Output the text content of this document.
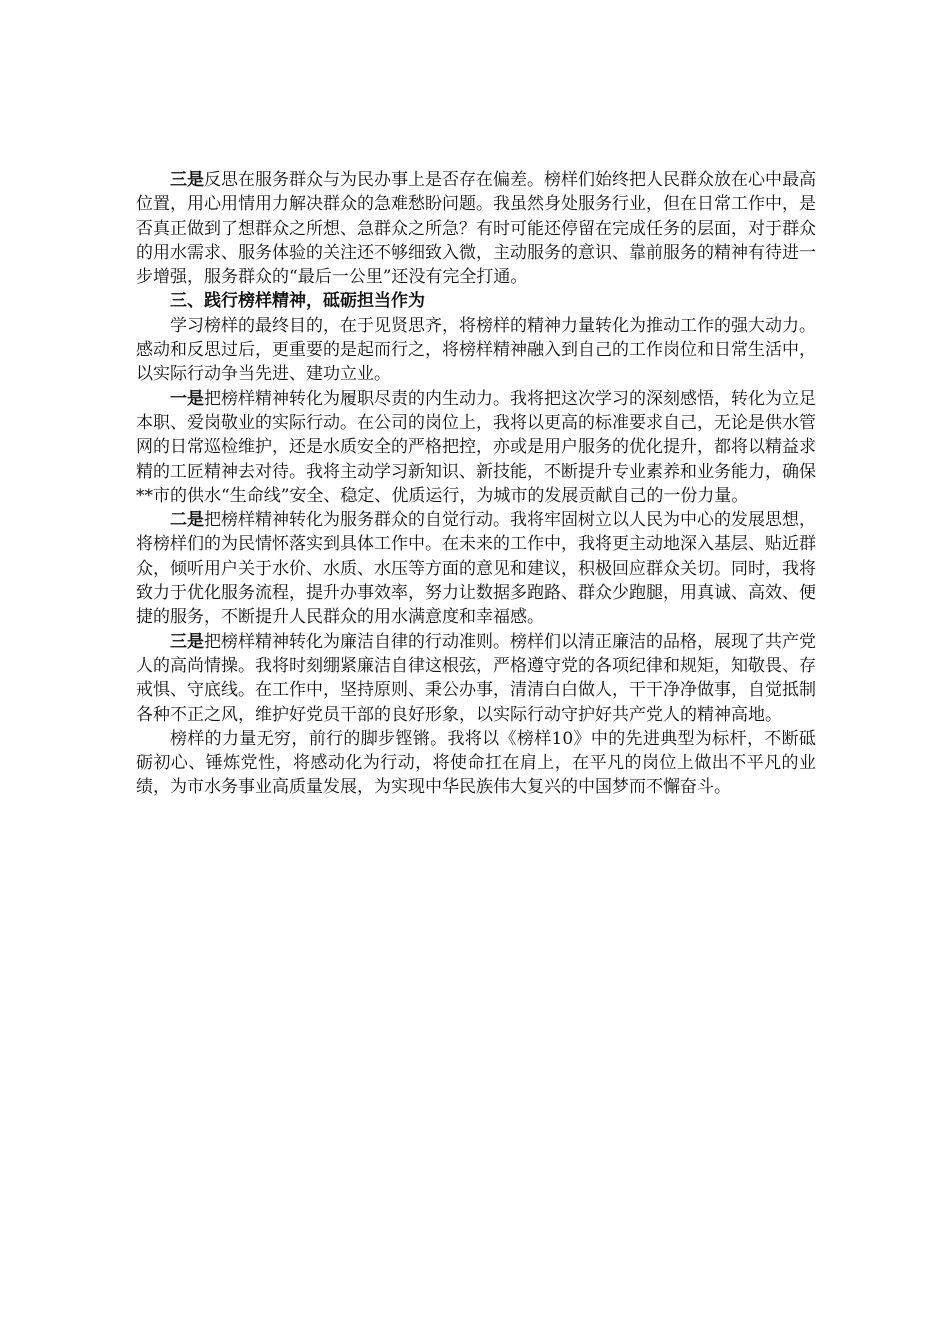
三是反思在服务群众与为民办事上是否存在偏差。榜样们始终把人民群众放在心中最高位置，用心用情用力解决群众的急难愁盼问题。我虽然身处服务行业，但在日常工作中，是否真正做到了想群众之所想、急群众之所急？有时可能还停留在完成任务的层面，对于群众的用水需求、服务体验的关注还不够细致入微，主动服务的意识、靠前服务的精神有待进一步增强，服务群众的“最后一公里”还没有完全打通。

三、践行榜样精神，砥砺担当作为

学习榜样的最终目的，在于见贤思齐，将榜样的精神力量转化为推动工作的强大动力。感动和反思过后，更重要的是起而行之，将榜样精神融入到自己的工作岗位和日常生活中，以实际行动争当先进、建功立业。

一是把榜样精神转化为履职尽责的内生动力。我将把这次学习的深刻感悟，转化为立足本职、爱岗敬业的实际行动。在公司的岗位上，我将以更高的标准要求自己，无论是供水管网的日常巡检维护，还是水质安全的严格把控，亦或是用户服务的优化提升，都将以精益求精的工匠精神去对待。我将主动学习新知识、新技能，不断提升专业素养和业务能力，确保**市的供水“生命线”安全、稳定、优质运行，为城市的发展贡献自己的一份力量。

二是把榜样精神转化为服务群众的自觉行动。我将牢固树立以人民为中心的发展思想，将榜样们的为民情怀落实到具体工作中。在未来的工作中，我将更主动地深入基层、贴近群众，倾听用户关于水价、水质、水压等方面的意见和建议，积极回应群众关切。同时，我将致力于优化服务流程，提升办事效率，努力让数据多跑路、群众少跑腿，用真诚、高效、便捷的服务，不断提升人民群众的用水满意度和幸福感。

三是把榜样精神转化为廉洁自律的行动准则。榜样们以清正廉洁的品格，展现了共产党人的高尚情操。我将时刻绷紧廉洁自律这根弦，严格遵守党的各项纪律和规矩，知敬畏、存戒惧、守底线。在工作中，坚持原则、秉公办事，清清白白做人，干干净净做事，自觉抵制各种不正之风，维护好党员干部的良好形象，以实际行动守护好共产党人的精神高地。

榜样的力量无穷，前行的脚步铿锵。我将以《榜样10》中的先进典型为标杆，不断砥砺初心、锤炼党性，将感动化为行动，将使命扛在肩上，在平凡的岗位上做出不平凡的业绩，为市水务事业高质量发展，为实现中华民族伟大复兴的中国梦而不懈奋斗。
